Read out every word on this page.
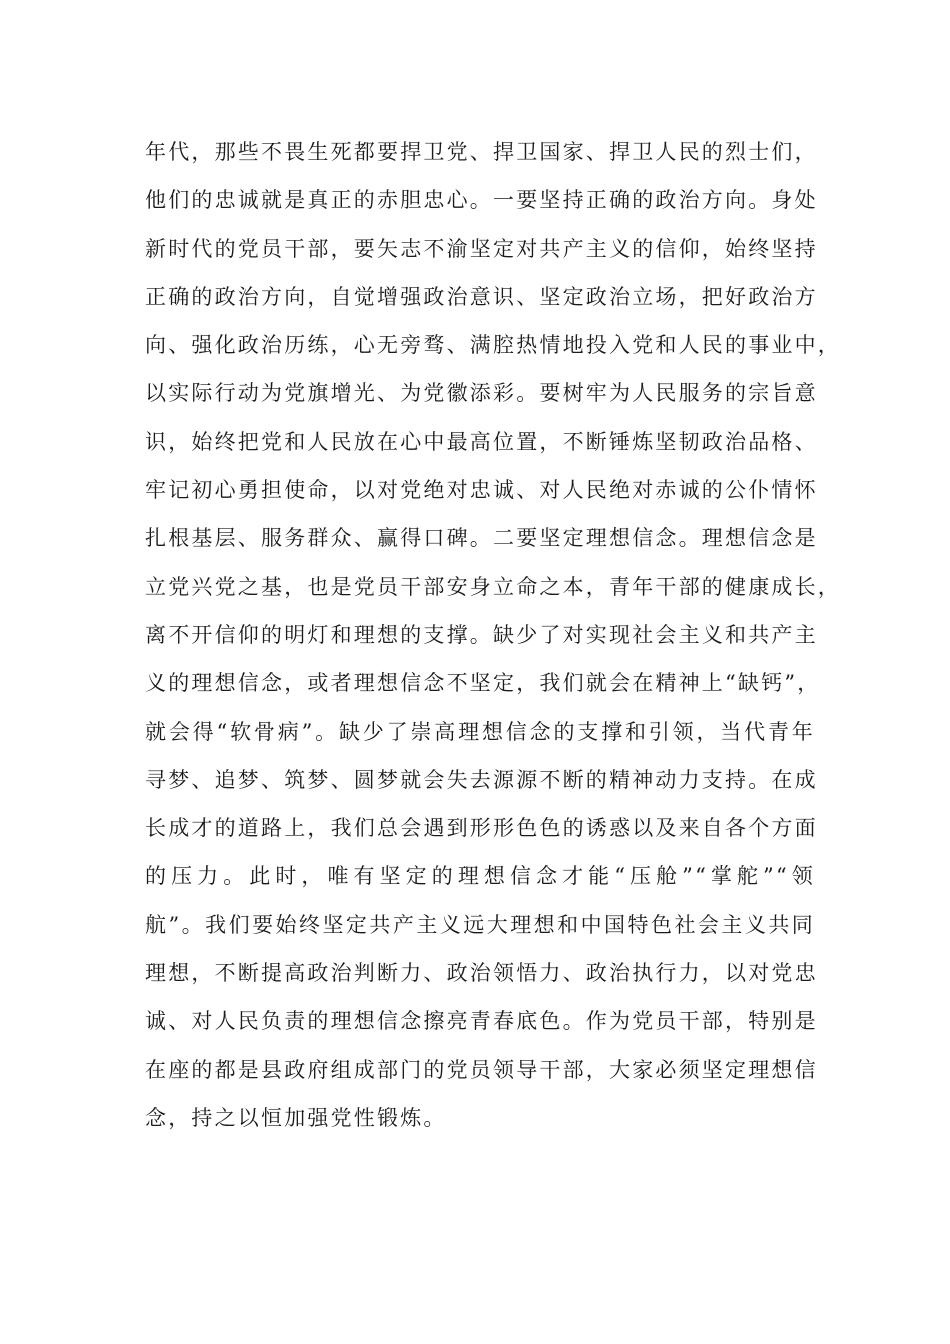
年代，那些不畏生死都要捍卫党、捍卫国家、捍卫人民的烈士们，
他们的忠诚就是真正的赤胆忠心。一要坚持正确的政治方向。身处
新时代的党员干部，要矢志不渝坚定对共产主义的信仰，始终坚持
正确的政治方向，自觉增强政治意识、坚定政治立场，把好政治方
向、强化政治历练，心无旁骛、满腔热情地投入党和人民的事业中，
以实际行动为党旗增光、为党徽添彩。要树牢为人民服务的宗旨意
识，始终把党和人民放在心中最高位置，不断锤炼坚韧政治品格、
牢记初心勇担使命，以对党绝对忠诚、对人民绝对赤诚的公仆情怀
扎根基层、服务群众、赢得口碑。二要坚定理想信念。理想信念是
立党兴党之基，也是党员干部安身立命之本，青年干部的健康成长，
离不开信仰的明灯和理想的支撑。缺少了对实现社会主义和共产主
义的理想信念，或者理想信念不坚定，我们就会在精神上“缺钙”，
就会得“软骨病”。缺少了崇高理想信念的支撑和引领，当代青年
寻梦、追梦、筑梦、圆梦就会失去源源不断的精神动力支持。在成
长成才的道路上，我们总会遇到形形色色的诱惑以及来自各个方面
的压力。此时，唯有坚定的理想信念才能“压舱”“掌舵”“领
航”。我们要始终坚定共产主义远大理想和中国特色社会主义共同
理想，不断提高政治判断力、政治领悟力、政治执行力，以对党忠
诚、对人民负责的理想信念擦亮青春底色。作为党员干部，特别是
在座的都是县政府组成部门的党员领导干部，大家必须坚定理想信
念，持之以恒加强党性锻炼。
